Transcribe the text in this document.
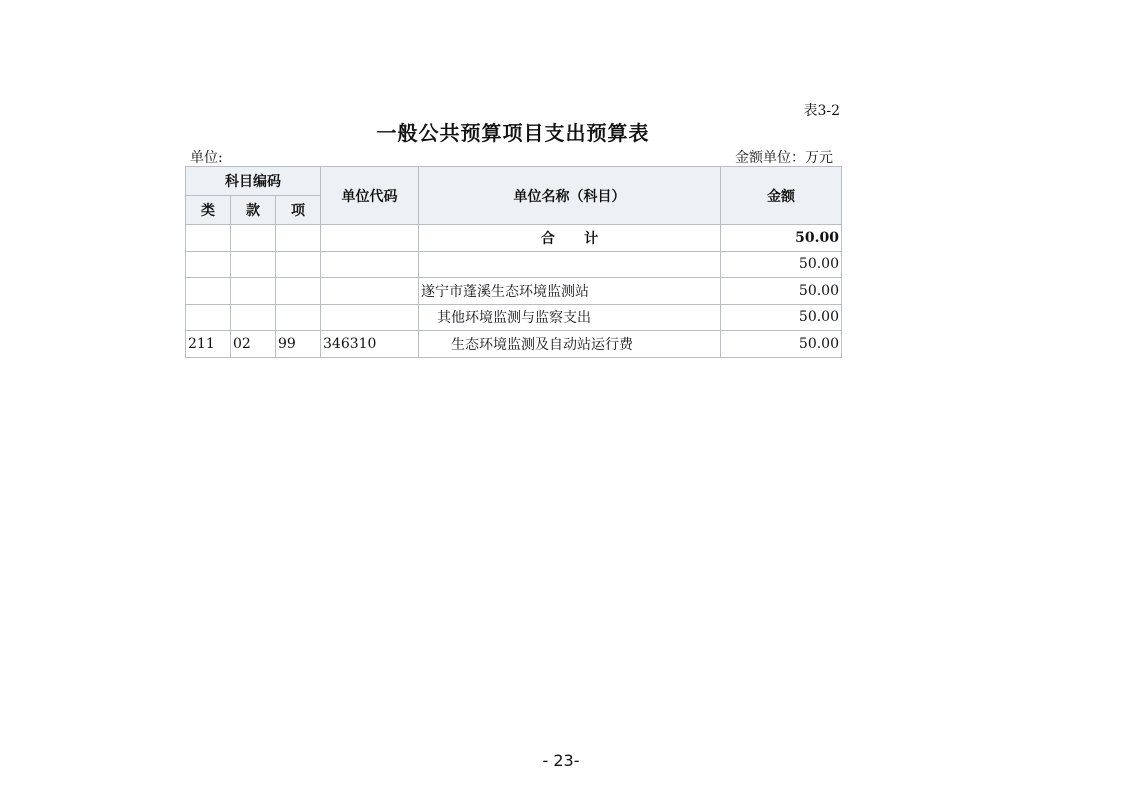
表3-2
一般公共预算项目支出预算表
单位:	金额单位：万元
科目编码			单位代码	单位名称（科目）	金额
类	款	项			
				合      计	50.00
					50.00
				遂宁市蓬溪生态环境监测站	50.00
				其他环境监测与监察支出	50.00
211	02	99	346310	生态环境监测及自动站运行费	50.00
- 23-
